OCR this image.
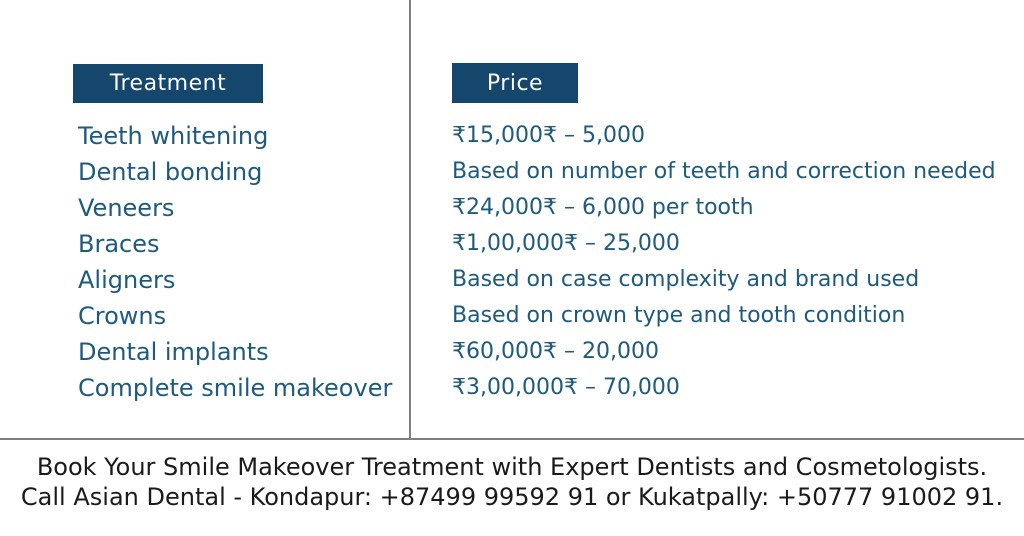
Treatment	Price
Teeth whitening
Dental bonding
Veneers
Braces
Aligners
Crowns
Dental implants
Complete smile makeover
₹15,000₹ – 5,000
Based on number of teeth and correction needed
₹24,000₹ – 6,000 per tooth
₹1,00,000₹ – 25,000
Based on case complexity and brand used
Based on crown type and tooth condition
₹60,000₹ – 20,000
₹3,00,000₹ – 70,000
Book Your Smile Makeover Treatment with Expert Dentists and Cosmetologists.
Call Asian Dental - Kondapur: +87499 99592 91 or Kukatpally: +50777 91002 91.
